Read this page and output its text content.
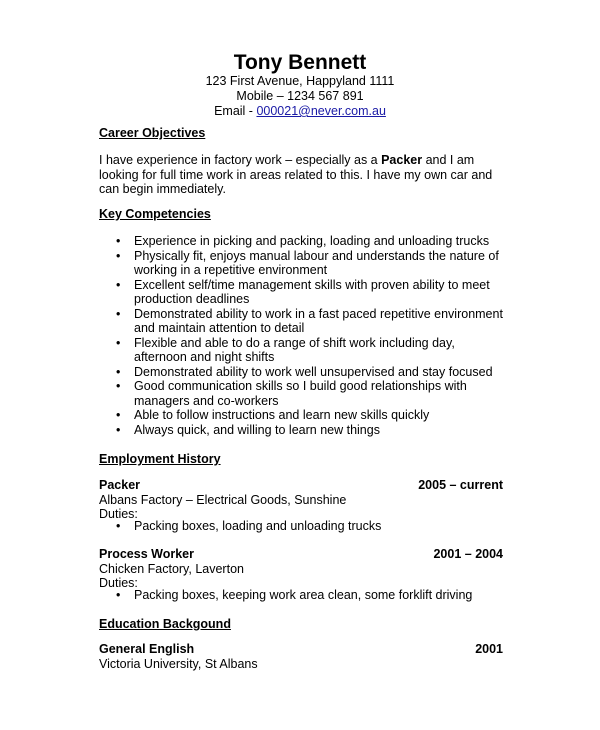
Tony Bennett
123 First Avenue, Happyland 1111
Mobile – 1234 567 891
Email - 000021@never.com.au
Career Objectives
I have experience in factory work – especially as a Packer and I am looking for full time work in areas related to this. I have my own car and can begin immediately.
Key Competencies
• Experience in picking and packing, loading and unloading trucks
• Physically fit, enjoys manual labour and understands the nature of working in a repetitive environment
• Excellent self/time management skills with proven ability to meet production deadlines
• Demonstrated ability to work in a fast paced repetitive environment and maintain attention to detail
• Flexible and able to do a range of shift work including day, afternoon and night shifts
• Demonstrated ability to work well unsupervised and stay focused
• Good communication skills so I build good relationships with managers and co-workers
• Able to follow instructions and learn new skills quickly
• Always quick, and willing to learn new things
Employment History
Packer	2005 – current
Albans Factory – Electrical Goods, Sunshine
Duties:
• Packing boxes, loading and unloading trucks
Process Worker	2001 – 2004
Chicken Factory, Laverton
Duties:
• Packing boxes, keeping work area clean, some forklift driving
Education Backgound
General English	2001
Victoria University, St Albans
